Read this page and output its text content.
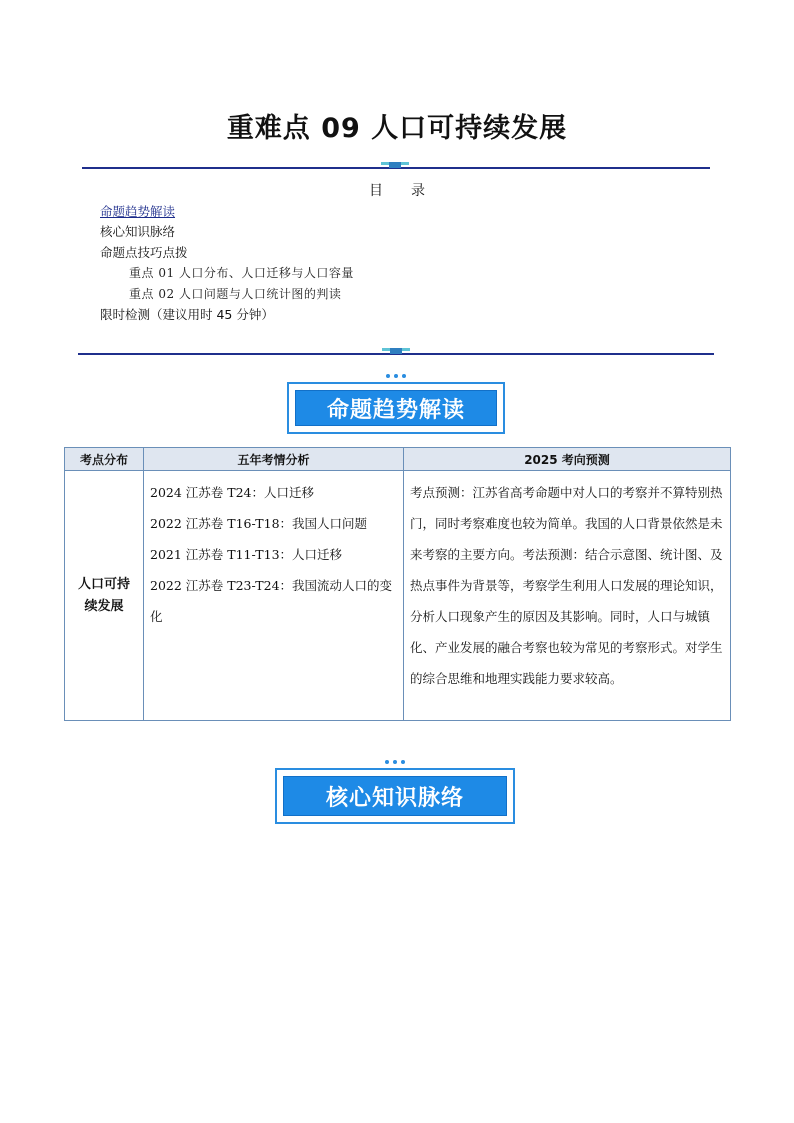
重难点 09 人口可持续发展
目录
命题趋势解读
核心知识脉络
命题点技巧点拨
重点 01 人口分布、人口迁移与人口容量
重点 02 人口问题与人口统计图的判读
限时检测（建议用时 45 分钟）
命题趋势解读
考点分布	五年考情分析	2025 考向预测
人口可持续发展	2024 江苏卷 T24：人口迁移
2022 江苏卷 T16-T18：我国人口问题
2021 江苏卷 T11-T13：人口迁移
2022 江苏卷 T23-T24：我国流动人口的变化	考点预测：江苏省高考命题中对人口的考察并不算特别热门，同时考察难度也较为简单。我国的人口背景依然是未来考察的主要方向。考法预测：结合示意图、统计图、及热点事件为背景等，考察学生利用人口发展的理论知识，分析人口现象产生的原因及其影响。同时，人口与城镇化、产业发展的融合考察也较为常见的考察形式。对学生的综合思维和地理实践能力要求较高。
核心知识脉络
